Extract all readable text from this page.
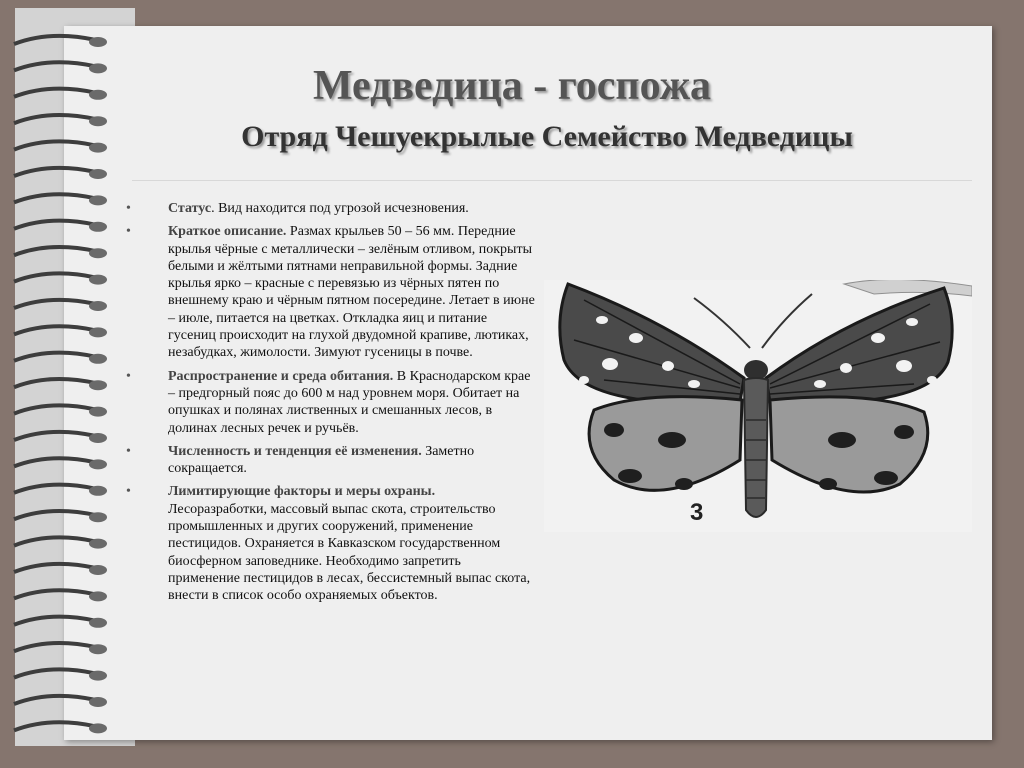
Медведица - госпожа
Отряд Чешуекрылые Семейство Медведицы
•	Статус. Вид находится под угрозой исчезновения.
•	Краткое описание. Размах крыльев 50 – 56 мм. Передние крылья чёрные с металлически – зелёным отливом, покрыты белыми и жёлтыми пятнами неправильной формы. Задние крылья ярко – красные с перевязью из чёрных пятен по внешнему краю и чёрным пятном посередине. Летает в июне – июле, питается на цветках. Откладка яиц и питание гусениц происходит на глухой двудомной крапиве, лютиках, незабудках, жимолости. Зимуют гусеницы в почве.
•	Распространение и среда обитания. В Краснодарском крае – предгорный пояс до 600 м над уровнем моря. Обитает на опушках и полянах лиственных и смешанных лесов, в долинах лесных речек и ручьёв.
•	Численность и тенденция её изменения. Заметно сокращается.
•	Лимитирующие факторы и меры охраны. Лесоразработки, массовый выпас скота, строительство промышленных и других сооружений, применение пестицидов. Охраняется в Кавказском государственном биосферном заповеднике. Необходимо запретить применение пестицидов в лесах, бессистемный выпас скота, внести в список особо охраняемых объектов.
3
